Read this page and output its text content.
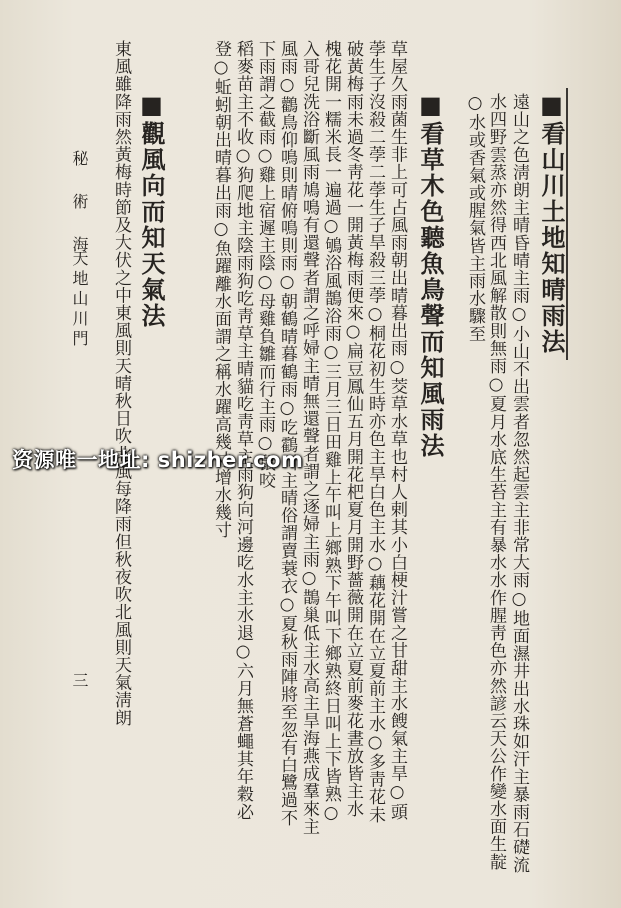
■看山川土地知晴雨法
遠山之色淸朗主晴昏晴主雨○小山不出雲者忽然起雲主非常大雨○地面濕井出水珠如汗主暴雨石礎流
水四野雲蒸亦然得西北風解散則無雨○夏月水底生苔主有暴水水作腥靑色亦然諺云天公作變水面生靛
○水或香氣或腥氣皆主雨水驟至
■看草木色聽魚鳥聲而知風雨法
草屋久雨菌生非上可占風雨朝出晴暮出雨○茭草水草也村人剌其小白梗汁嘗之甘甜主水餿氣主旱○頭
荸生子沒殺二荸二荸生子旱殺三荸○桐花初生時亦色主旱白色主水○藕花開在立夏前主水○多靑花未
破黃梅雨未過冬靑花一開黃梅雨便來○扁豆鳳仙五月開花杷夏月開野薔薇開在立夏前麥花晝放皆主水
槐花開一糯米長一遍過○鴝浴風鵲浴雨○三月三日田雞上午叫上鄉熟下午叫下鄉熟終日叫上下皆熟○
入哥兒洗浴斷風雨鳩鳴有還聲者謂之呼婦主晴無還聲者謂之逐婦主雨○鵲巢低主水高主旱海燕成羣來主
風雨○鸛鳥仰鳴則晴俯鳴則雨○朝鶴晴暮鶴雨○吃鸖叫主晴俗謂賣蓑衣○夏秋雨陣將至忽有白鷺過不
下雨謂之截雨○雞上宿遲主陰○母雞負雛而行主雨○鼠咬
稻麥苗主不收○狗爬地主陰雨狗吃靑草主晴貓吃靑草主雨狗向河邊吃水主水退○六月無蒼蠅其年穀必
登○蚯蚓朝出晴暮出雨○魚躍離水面謂之稱水躍高幾寸增水幾寸
■觀風向而知天氣法
東風雖降雨然黃梅時節及大伏之中東風則天晴秋日吹北風每降雨但秋夜吹北風則天氣淸朗
秘 術 海
天地山川門
三
资源唯一地址: shizher.com
